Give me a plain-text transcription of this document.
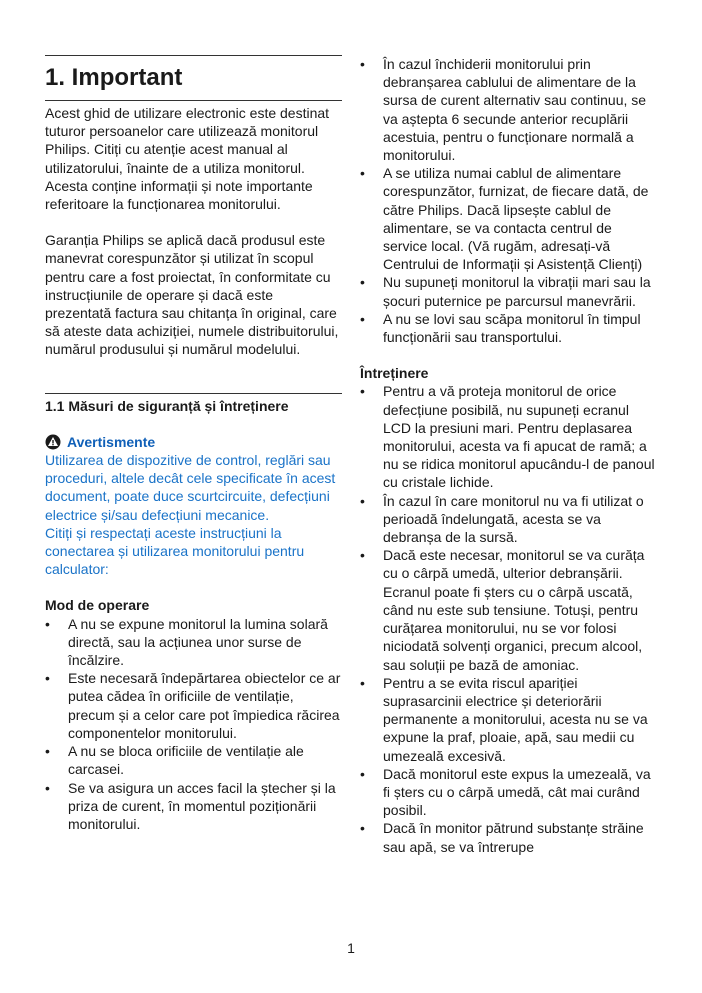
1. Important

Acest ghid de utilizare electronic este destinat tuturor persoanelor care utilizează monitorul Philips. Citiți cu atenție acest manual al utilizatorului, înainte de a utiliza monitorul. Acesta conține informații și note importante referitoare la funcționarea monitorului.

Garanția Philips se aplică dacă produsul este manevrat corespunzător și utilizat în scopul pentru care a fost proiectat, în conformitate cu instrucțiunile de operare și dacă este prezentată factura sau chitanța în original, care să ateste data achiziției, numele distribuitorului, numărul produsului și numărul modelului.

1.1 Măsuri de siguranță și întreținere
Avertismente

Utilizarea de dispozitive de control, reglări sau proceduri, altele decât cele specificate în acest document, poate duce scurtcircuite, defecțiuni electrice și/sau defecțiuni mecanice.

Citiți și respectați aceste instrucțiuni la conectarea și utilizarea monitorului pentru calculator:

Mod de operare
• A nu se expune monitorul la lumina solară directă, sau la acțiunea unor surse de încălzire.
• Este necesară îndepărtarea obiectelor ce ar putea cădea în orificiile de ventilație, precum și a celor care pot împiedica răcirea componentelor monitorului.
• A nu se bloca orificiile de ventilație ale carcasei.
• Se va asigura un acces facil la ștecher și la priza de curent, în momentul poziționării monitorului.
• În cazul închiderii monitorului prin debranșarea cablului de alimentare de la sursa de curent alternativ sau continuu, se va aștepta 6 secunde anterior recuplării acestuia, pentru o funcționare normală a monitorului.
• A se utiliza numai cablul de alimentare corespunzător, furnizat, de fiecare dată, de către Philips. Dacă lipsește cablul de alimentare, se va contacta centrul de service local. (Vă rugăm, adresați-vă Centrului de Informații și Asistență Clienți)
• Nu supuneți monitorul la vibrații mari sau la șocuri puternice pe parcursul manevrării.
• A nu se lovi sau scăpa monitorul în timpul funcționării sau transportului.
Întreținere
• Pentru a vă proteja monitorul de orice defecțiune posibilă, nu supuneți ecranul LCD la presiuni mari. Pentru deplasarea monitorului, acesta va fi apucat de ramă; a nu se ridica monitorul apucându-l de panoul cu cristale lichide.
• În cazul în care monitorul nu va fi utilizat o perioadă îndelungată, acesta se va debranșa de la sursă.
• Dacă este necesar, monitorul se va curăța cu o cârpă umedă, ulterior debranșării. Ecranul poate fi șters cu o cârpă uscată, când nu este sub tensiune. Totuși, pentru curățarea monitorului, nu se vor folosi niciodată solvenți organici, precum alcool, sau soluții pe bază de amoniac.
• Pentru a se evita riscul apariției suprasarcinii electrice și deteriorării permanente a monitorului, acesta nu se va expune la praf, ploaie, apă, sau medii cu umezeală excesivă.
• Dacă monitorul este expus la umezeală, va fi șters cu o cârpă umedă, cât mai curând posibil.
• Dacă în monitor pătrund substanțe străine sau apă, se va întrerupe
1
